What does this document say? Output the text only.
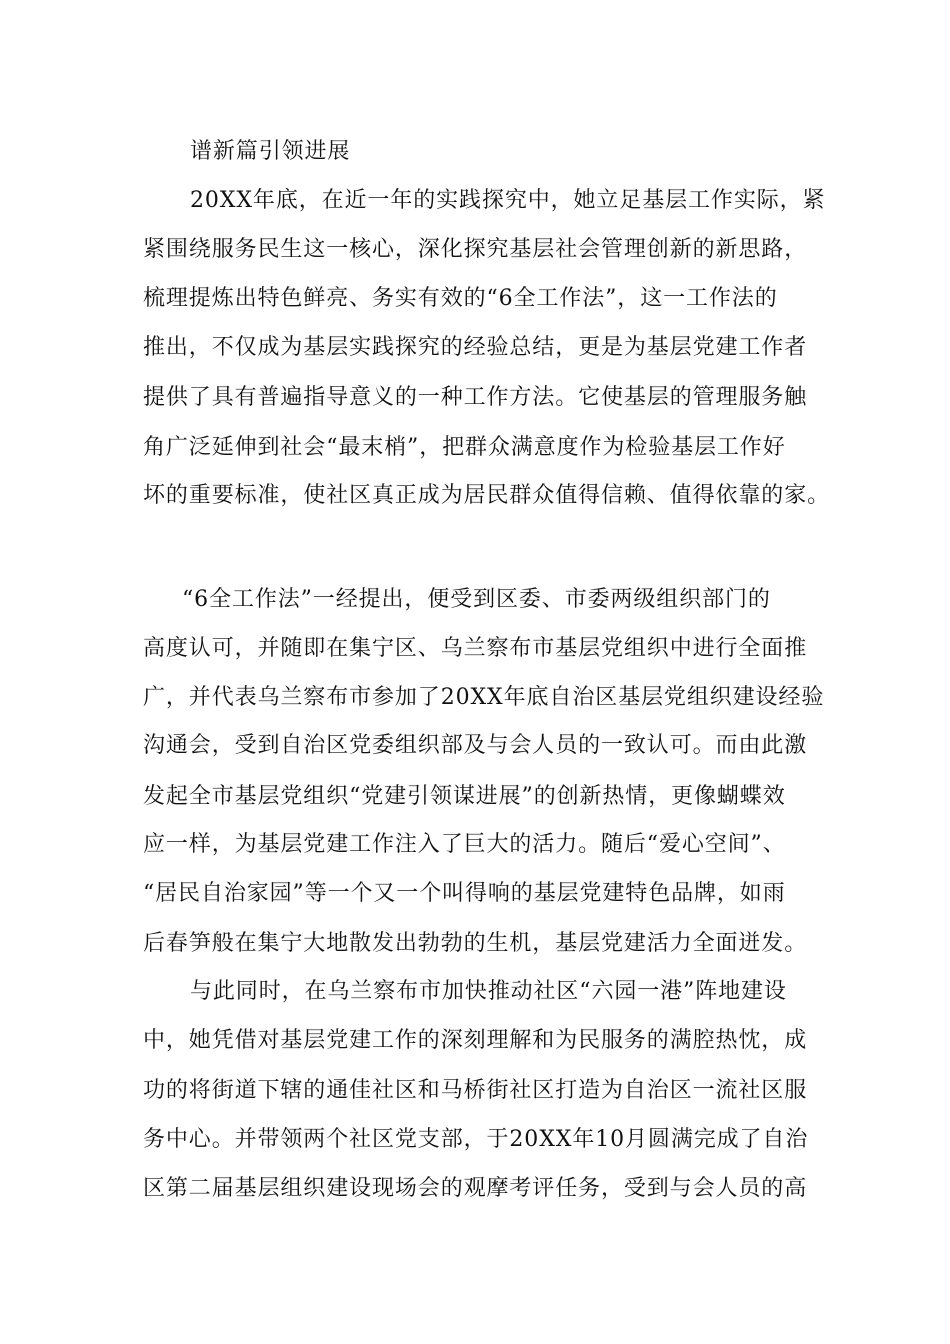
谱新篇引领进展
20XX年底，在近一年的实践探究中，她立足基层工作实际，紧
紧围绕服务民生这一核心，深化探究基层社会管理创新的新思路，
梳理提炼出特色鲜亮、务实有效的“6全工作法”，这一工作法的
推出，不仅成为基层实践探究的经验总结，更是为基层党建工作者
提供了具有普遍指导意义的一种工作方法。它使基层的管理服务触
角广泛延伸到社会“最末梢”，把群众满意度作为检验基层工作好
坏的重要标准，使社区真正成为居民群众值得信赖、值得依靠的家。
“6全工作法”一经提出，便受到区委、市委两级组织部门的
高度认可，并随即在集宁区、乌兰察布市基层党组织中进行全面推
广，并代表乌兰察布市参加了20XX年底自治区基层党组织建设经验
沟通会，受到自治区党委组织部及与会人员的一致认可。而由此激
发起全市基层党组织“党建引领谋进展”的创新热情，更像蝴蝶效
应一样，为基层党建工作注入了巨大的活力。随后“爱心空间”、
“居民自治家园”等一个又一个叫得响的基层党建特色品牌，如雨
后春笋般在集宁大地散发出勃勃的生机，基层党建活力全面迸发。
与此同时，在乌兰察布市加快推动社区“六园一港”阵地建设
中，她凭借对基层党建工作的深刻理解和为民服务的满腔热忱，成
功的将街道下辖的通佳社区和马桥街社区打造为自治区一流社区服
务中心。并带领两个社区党支部，于20XX年10月圆满完成了自治
区第二届基层组织建设现场会的观摩考评任务，受到与会人员的高
